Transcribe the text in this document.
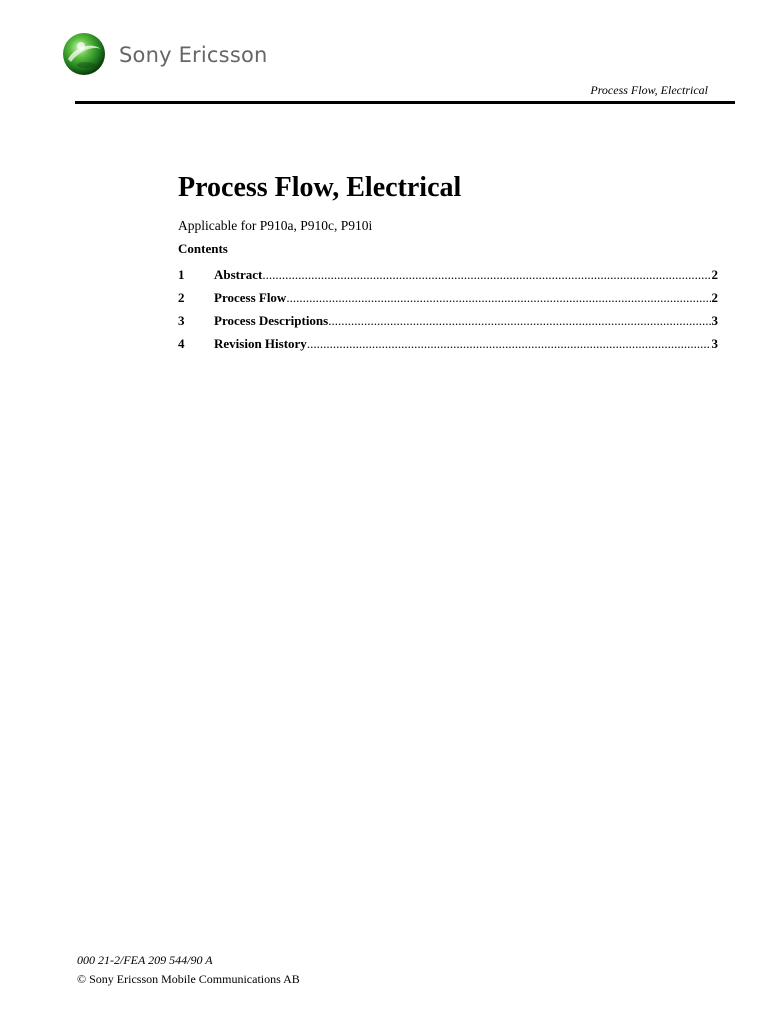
Sony Ericsson
Process Flow, Electrical
Process Flow, Electrical
Applicable for P910a, P910c, P910i
Contents
1	Abstract .....	2
2	Process Flow .....	2
3	Process Descriptions .....	3
4	Revision History .....	3
000 21-2/FEA 209 544/90 A
© Sony Ericsson Mobile Communications AB
